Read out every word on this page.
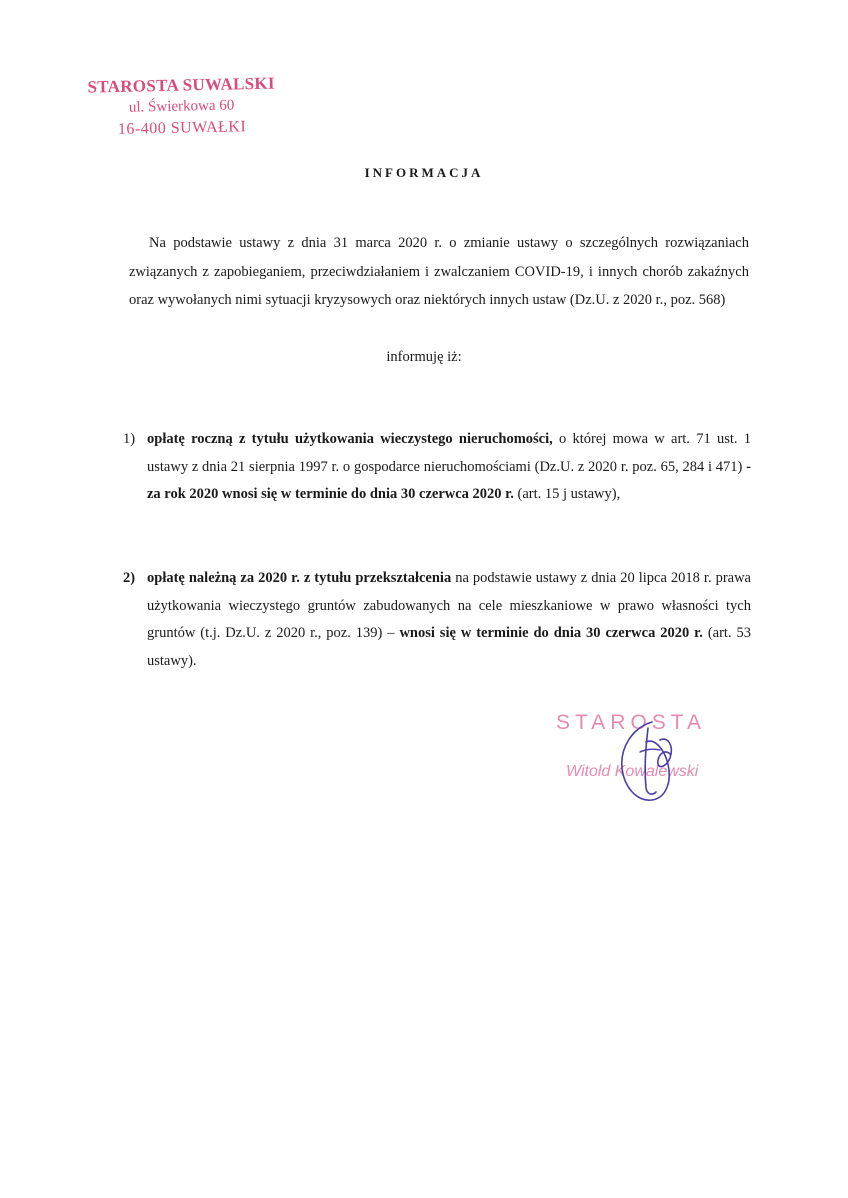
STAROSTA SUWALSKI
ul. Świerkowa 60
16-400 SUWAŁKI
INFORMACJA
Na podstawie ustawy z dnia 31 marca 2020 r. o zmianie ustawy o szczególnych rozwiązaniach związanych z zapobieganiem, przeciwdziałaniem i zwalczaniem COVID-19, i innych chorób zakaźnych oraz wywołanych nimi sytuacji kryzysowych oraz niektórych innych ustaw (Dz.U. z 2020 r., poz. 568)
informuję iż:
1) opłatę roczną z tytułu użytkowania wieczystego nieruchomości, o której mowa w art. 71 ust. 1 ustawy z dnia 21 sierpnia 1997 r. o gospodarce nieruchomościami (Dz.U. z 2020 r. poz. 65, 284 i 471) - za rok 2020 wnosi się w terminie do dnia 30 czerwca 2020 r. (art. 15 j ustawy),
2) opłatę należną za 2020 r. z tytułu przekształcenia na podstawie ustawy z dnia 20 lipca 2018 r. prawa użytkowania wieczystego gruntów zabudowanych na cele mieszkaniowe w prawo własności tych gruntów (t.j. Dz.U. z 2020 r., poz. 139) – wnosi się w terminie do dnia 30 czerwca 2020 r. (art. 53 ustawy).
STAROSTA
Witold Kowalewski
